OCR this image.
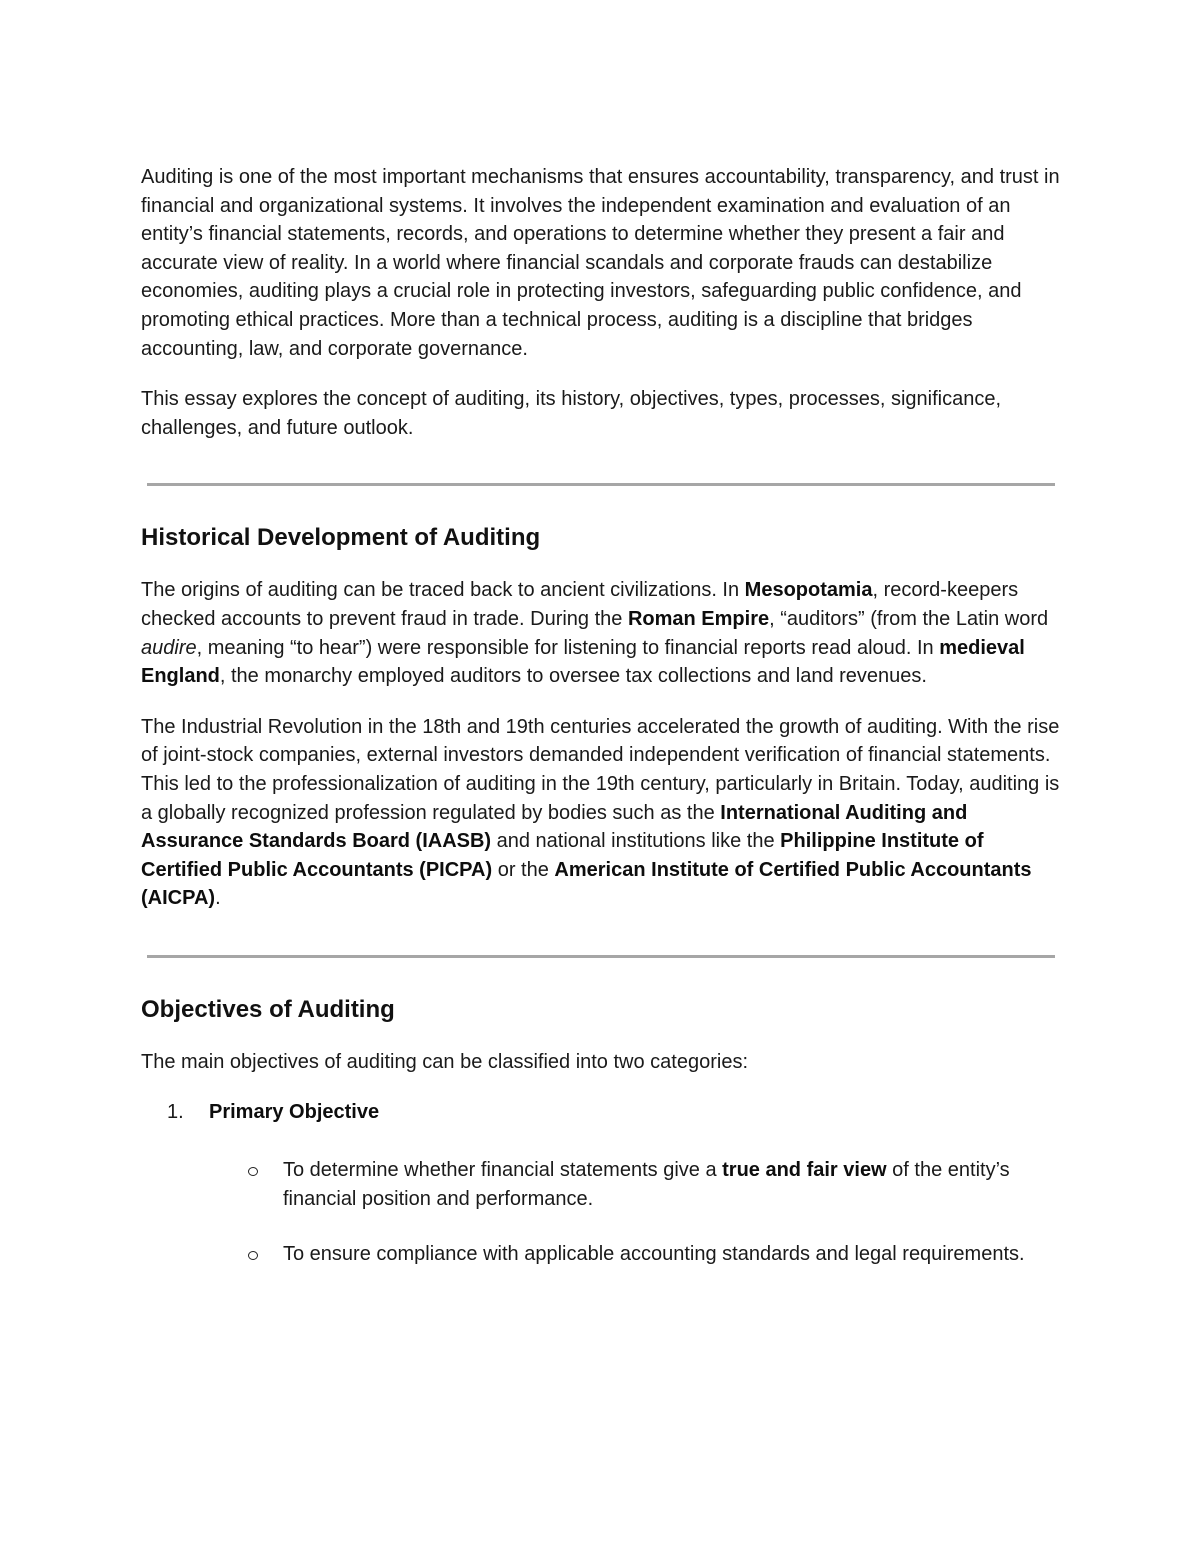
Auditing is one of the most important mechanisms that ensures accountability, transparency, and trust in financial and organizational systems. It involves the independent examination and evaluation of an entity’s financial statements, records, and operations to determine whether they present a fair and accurate view of reality. In a world where financial scandals and corporate frauds can destabilize economies, auditing plays a crucial role in protecting investors, safeguarding public confidence, and promoting ethical practices. More than a technical process, auditing is a discipline that bridges accounting, law, and corporate governance.

This essay explores the concept of auditing, its history, objectives, types, processes, significance, challenges, and future outlook.

Historical Development of Auditing

The origins of auditing can be traced back to ancient civilizations. In Mesopotamia, record-keepers checked accounts to prevent fraud in trade. During the Roman Empire, “auditors” (from the Latin word audire, meaning “to hear”) were responsible for listening to financial reports read aloud. In medieval England, the monarchy employed auditors to oversee tax collections and land revenues.

The Industrial Revolution in the 18th and 19th centuries accelerated the growth of auditing. With the rise of joint-stock companies, external investors demanded independent verification of financial statements. This led to the professionalization of auditing in the 19th century, particularly in Britain. Today, auditing is a globally recognized profession regulated by bodies such as the International Auditing and Assurance Standards Board (IAASB) and national institutions like the Philippine Institute of Certified Public Accountants (PICPA) or the American Institute of Certified Public Accountants (AICPA).

Objectives of Auditing

The main objectives of auditing can be classified into two categories:

1.	Primary Objective
To determine whether financial statements give a true and fair view of the entity’s financial position and performance.
To ensure compliance with applicable accounting standards and legal requirements.
